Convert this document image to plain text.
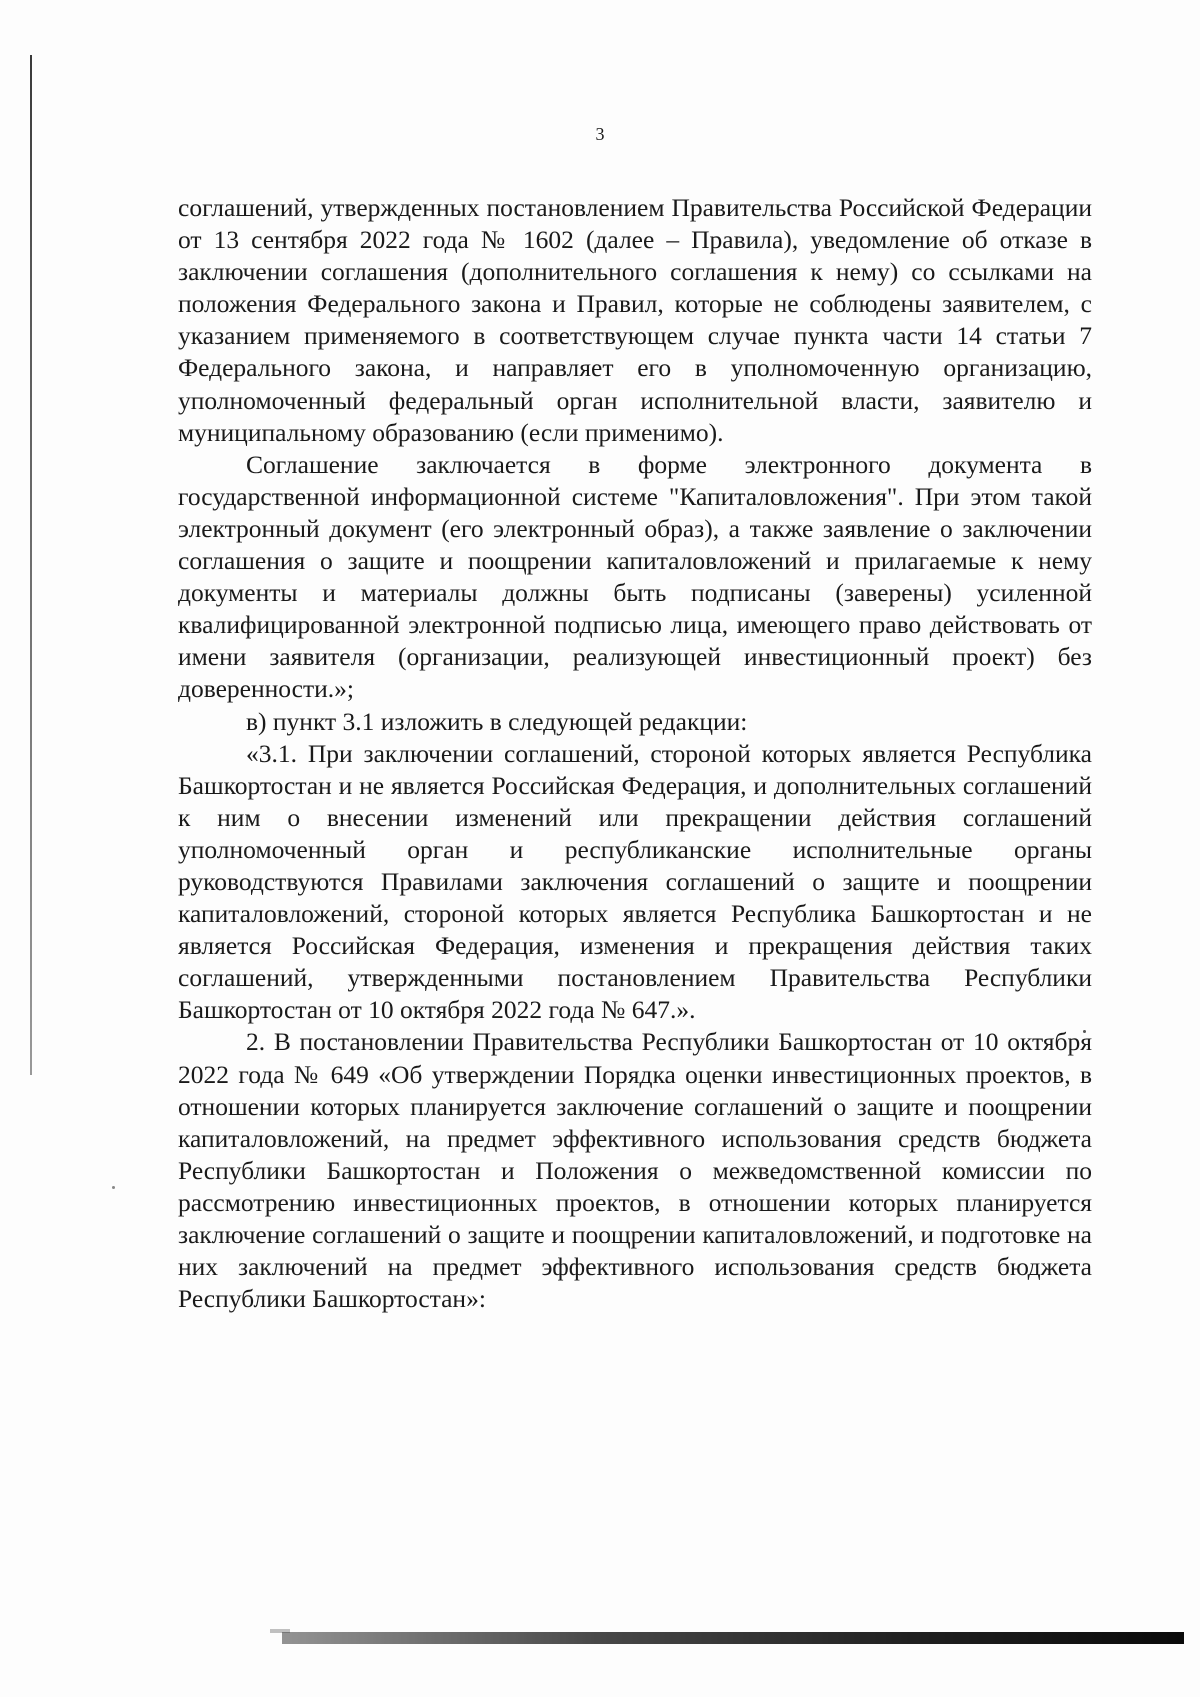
3

соглашений, утвержденных постановлением Правительства Российской Федерации от 13 сентября 2022 года № 1602 (далее – Правила), уведомление об отказе в заключении соглашения (дополнительного соглашения к нему) со ссылками на положения Федерального закона и Правил, которые не соблюдены заявителем, с указанием применяемого в соответствующем случае пункта части 14 статьи 7 Федерального закона, и направляет его в уполномоченную организацию, уполномоченный федеральный орган исполнительной власти, заявителю и муниципальному образованию (если применимо).

Соглашение заключается в форме электронного документа в государственной информационной системе "Капиталовложения". При этом такой электронный документ (его электронный образ), а также заявление о заключении соглашения о защите и поощрении капиталовложений и прилагаемые к нему документы и материалы должны быть подписаны (заверены) усиленной квалифицированной электронной подписью лица, имеющего право действовать от имени заявителя (организации, реализующей инвестиционный проект) без доверенности.»;

в) пункт 3.1 изложить в следующей редакции:

«3.1. При заключении соглашений, стороной которых является Республика Башкортостан и не является Российская Федерация, и дополнительных соглашений к ним о внесении изменений или прекращении действия соглашений уполномоченный орган и республиканские исполнительные органы руководствуются Правилами заключения соглашений о защите и поощрении капиталовложений, стороной которых является Республика Башкортостан и не является Российская Федерация, изменения и прекращения действия таких соглашений, утвержденными постановлением Правительства Республики Башкортостан от 10 октября 2022 года № 647.».

2. В постановлении Правительства Республики Башкортостан от 10 октября 2022 года № 649 «Об утверждении Порядка оценки инвестиционных проектов, в отношении которых планируется заключение соглашений о защите и поощрении капиталовложений, на предмет эффективного использования средств бюджета Республики Башкортостан и Положения о межведомственной комиссии по рассмотрению инвестиционных проектов, в отношении которых планируется заключение соглашений о защите и поощрении капиталовложений, и подготовке на них заключений на предмет эффективного использования средств бюджета Республики Башкортостан»:
